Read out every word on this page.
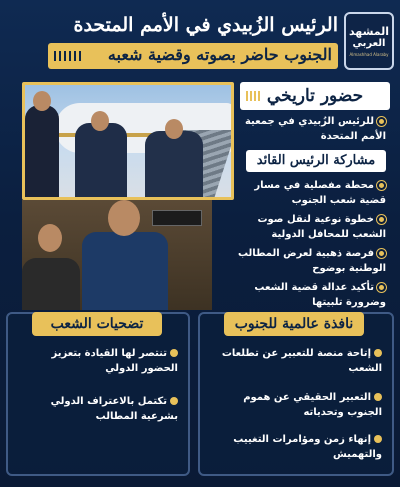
المشهد
العربي
Almashhad Alaraby
الرئيس الزُبيدي في الأمم المتحدة
الجنوب حاضر بصوته وقضية شعبه
حضور تاريخي
للرئيس الزُبيدي في جمعية الأمم المتحدة
مشاركة الرئيس القائد
محطة مفصلية في مسار قضية شعب الجنوب
خطوة نوعية لنقل صوت الشعب للمحافل الدولية
فرصة ذهبية لعرض المطالب الوطنية بوضوح
تأكيد عدالة قضية الشعب وضرورة تلبيتها
نافذة عالمية للجنوب
إتاحة منصة للتعبير عن تطلعات الشعب
التعبير الحقيقي عن هموم الجنوب وتحدياته
إنهاء زمن ومؤامرات التغييب والتهميش
تضحيات الشعب
تنتصر لها القيادة بتعزيز الحضور الدولي
تكتمل بالاعتراف الدولي بشرعية المطالب
